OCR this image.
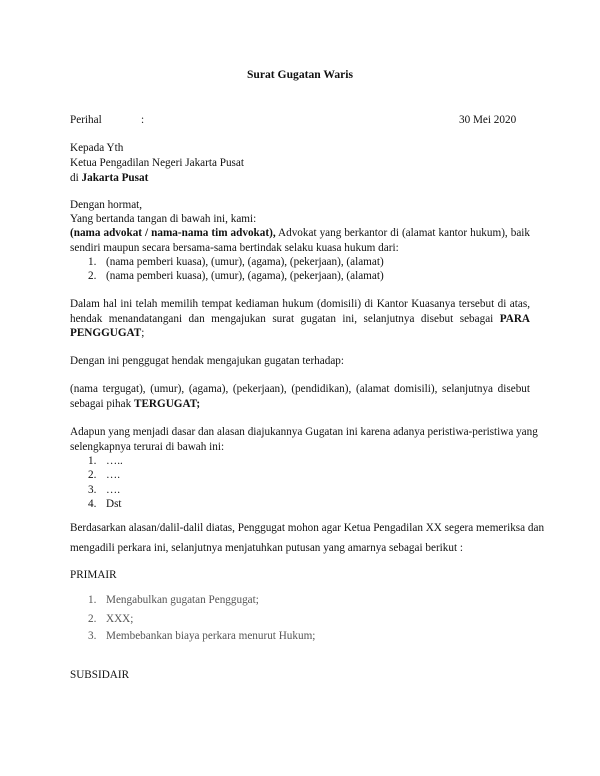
Surat Gugatan Waris
Perihal	:	30 Mei 2020
Kepada Yth
Ketua Pengadilan Negeri Jakarta Pusat
di Jakarta Pusat
Dengan hormat,
Yang bertanda tangan di bawah ini, kami:
(nama advokat / nama-nama tim advokat), Advokat yang berkantor di (alamat kantor hukum), baik
sendiri maupun secara bersama-sama bertindak selaku kuasa hukum dari:
1. (nama pemberi kuasa), (umur), (agama), (pekerjaan), (alamat)
2. (nama pemberi kuasa), (umur), (agama), (pekerjaan), (alamat)
Dalam hal ini telah memilih tempat kediaman hukum (domisili) di Kantor Kuasanya tersebut di atas,
hendak menandatangani dan mengajukan surat gugatan ini, selanjutnya disebut sebagai PARA
PENGGUGAT;
Dengan ini penggugat hendak mengajukan gugatan terhadap:
(nama tergugat), (umur), (agama), (pekerjaan), (pendidikan), (alamat domisili), selanjutnya disebut
sebagai pihak TERGUGAT;
Adapun yang menjadi dasar dan alasan diajukannya Gugatan ini karena adanya peristiwa-peristiwa yang
selengkapnya terurai di bawah ini:
1. …..
2. ….
3. ….
4. Dst
Berdasarkan alasan/dalil-dalil diatas, Penggugat mohon agar Ketua Pengadilan XX segera memeriksa dan
mengadili perkara ini, selanjutnya menjatuhkan putusan yang amarnya sebagai berikut :
PRIMAIR
1. Mengabulkan gugatan Penggugat;
2. XXX;
3. Membebankan biaya perkara menurut Hukum;
SUBSIDAIR
